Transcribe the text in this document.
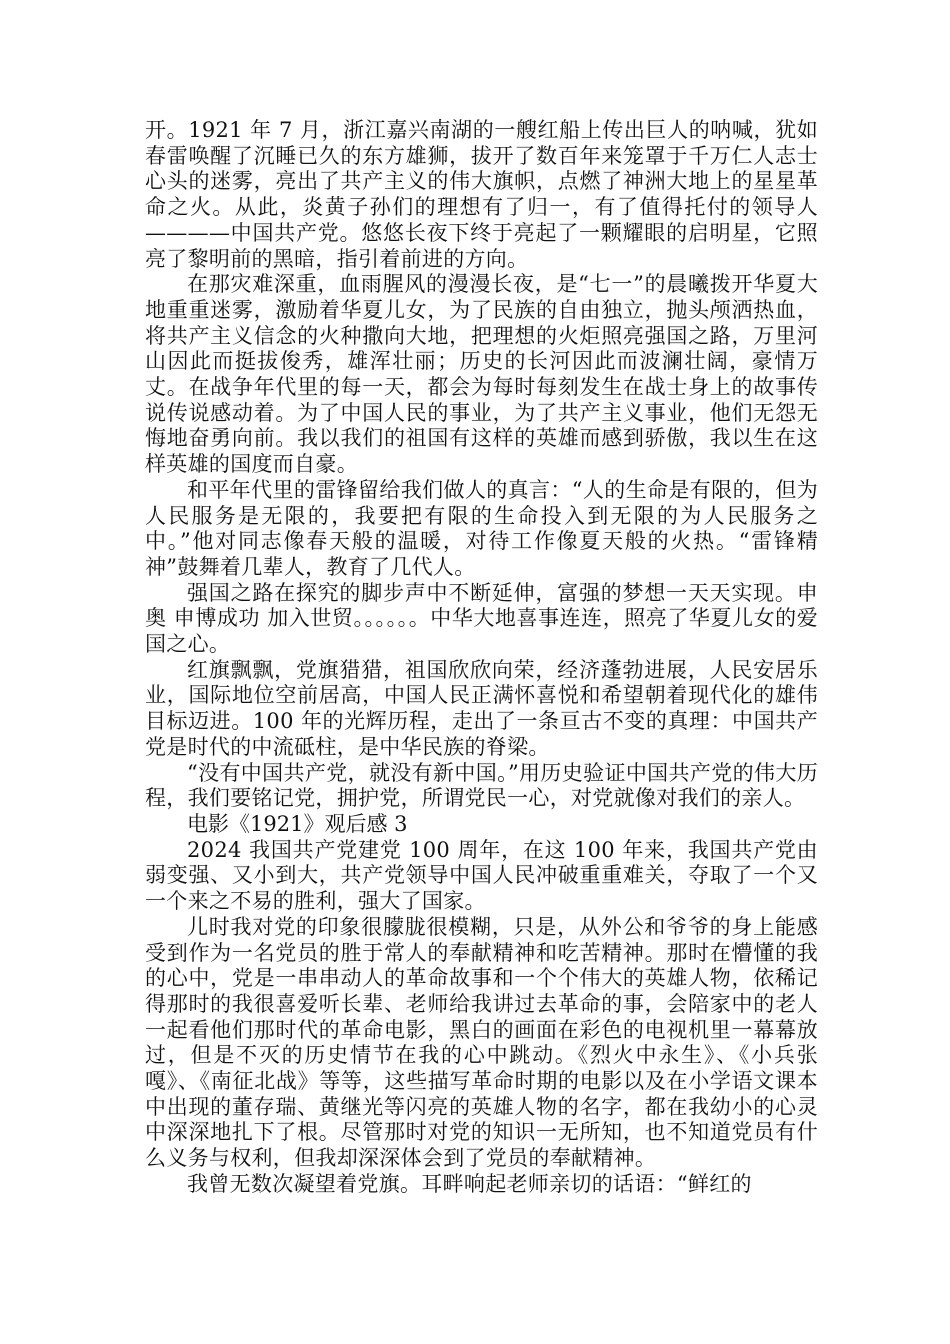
开。1921 年 7 月，浙江嘉兴南湖的一艘红船上传出巨人的呐喊，犹如春雷唤醒了沉睡已久的东方雄狮，拔开了数百年来笼罩于千万仁人志士心头的迷雾，亮出了共产主义的伟大旗帜，点燃了神洲大地上的星星革命之火。从此，炎黄子孙们的理想有了归一，有了值得托付的领导人————中国共产党。悠悠长夜下终于亮起了一颗耀眼的启明星，它照亮了黎明前的黑暗，指引着前进的方向。

在那灾难深重，血雨腥风的漫漫长夜，是“七一”的晨曦拨开华夏大地重重迷雾，激励着华夏儿女，为了民族的自由独立，抛头颅洒热血，将共产主义信念的火种撒向大地，把理想的火炬照亮强国之路，万里河山因此而挺拔俊秀，雄浑壮丽；历史的长河因此而波澜壮阔，豪情万丈。在战争年代里的每一天，都会为每时每刻发生在战士身上的故事传说传说感动着。为了中国人民的事业，为了共产主义事业，他们无怨无悔地奋勇向前。我以我们的祖国有这样的英雄而感到骄傲，我以生在这样英雄的国度而自豪。

和平年代里的雷锋留给我们做人的真言：“人的生命是有限的，但为人民服务是无限的，我要把有限的生命投入到无限的为人民服务之中。”他对同志像春天般的温暖，对待工作像夏天般的火热。“雷锋精神”鼓舞着几辈人，教育了几代人。

强国之路在探究的脚步声中不断延伸，富强的梦想一天天实现。申奥 申博成功 加入世贸。。。。。。中华大地喜事连连，照亮了华夏儿女的爱国之心。

红旗飘飘，党旗猎猎，祖国欣欣向荣，经济蓬勃进展，人民安居乐业，国际地位空前居高，中国人民正满怀喜悦和希望朝着现代化的雄伟目标迈进。100 年的光辉历程，走出了一条亘古不变的真理：中国共产党是时代的中流砥柱，是中华民族的脊梁。

“没有中国共产党，就没有新中国。”用历史验证中国共产党的伟大历程，我们要铭记党，拥护党，所谓党民一心，对党就像对我们的亲人。

电影《1921》观后感 3

2024 我国共产党建党 100 周年，在这 100 年来，我国共产党由弱变强、又小到大，共产党领导中国人民冲破重重难关，夺取了一个又一个来之不易的胜利，强大了国家。

儿时我对党的印象很朦胧很模糊，只是，从外公和爷爷的身上能感受到作为一名党员的胜于常人的奉献精神和吃苦精神。那时在懵懂的我的心中，党是一串串动人的革命故事和一个个伟大的英雄人物，依稀记得那时的我很喜爱听长辈、老师给我讲过去革命的事，会陪家中的老人一起看他们那时代的革命电影，黑白的画面在彩色的电视机里一幕幕放过，但是不灭的历史情节在我的心中跳动。《烈火中永生》、《小兵张嘎》、《南征北战》等等，这些描写革命时期的电影以及在小学语文课本中出现的董存瑞、黄继光等闪亮的英雄人物的名字，都在我幼小的心灵中深深地扎下了根。尽管那时对党的知识一无所知，也不知道党员有什么义务与权利，但我却深深体会到了党员的奉献精神。

我曾无数次凝望着党旗。耳畔响起老师亲切的话语：“鲜红的
